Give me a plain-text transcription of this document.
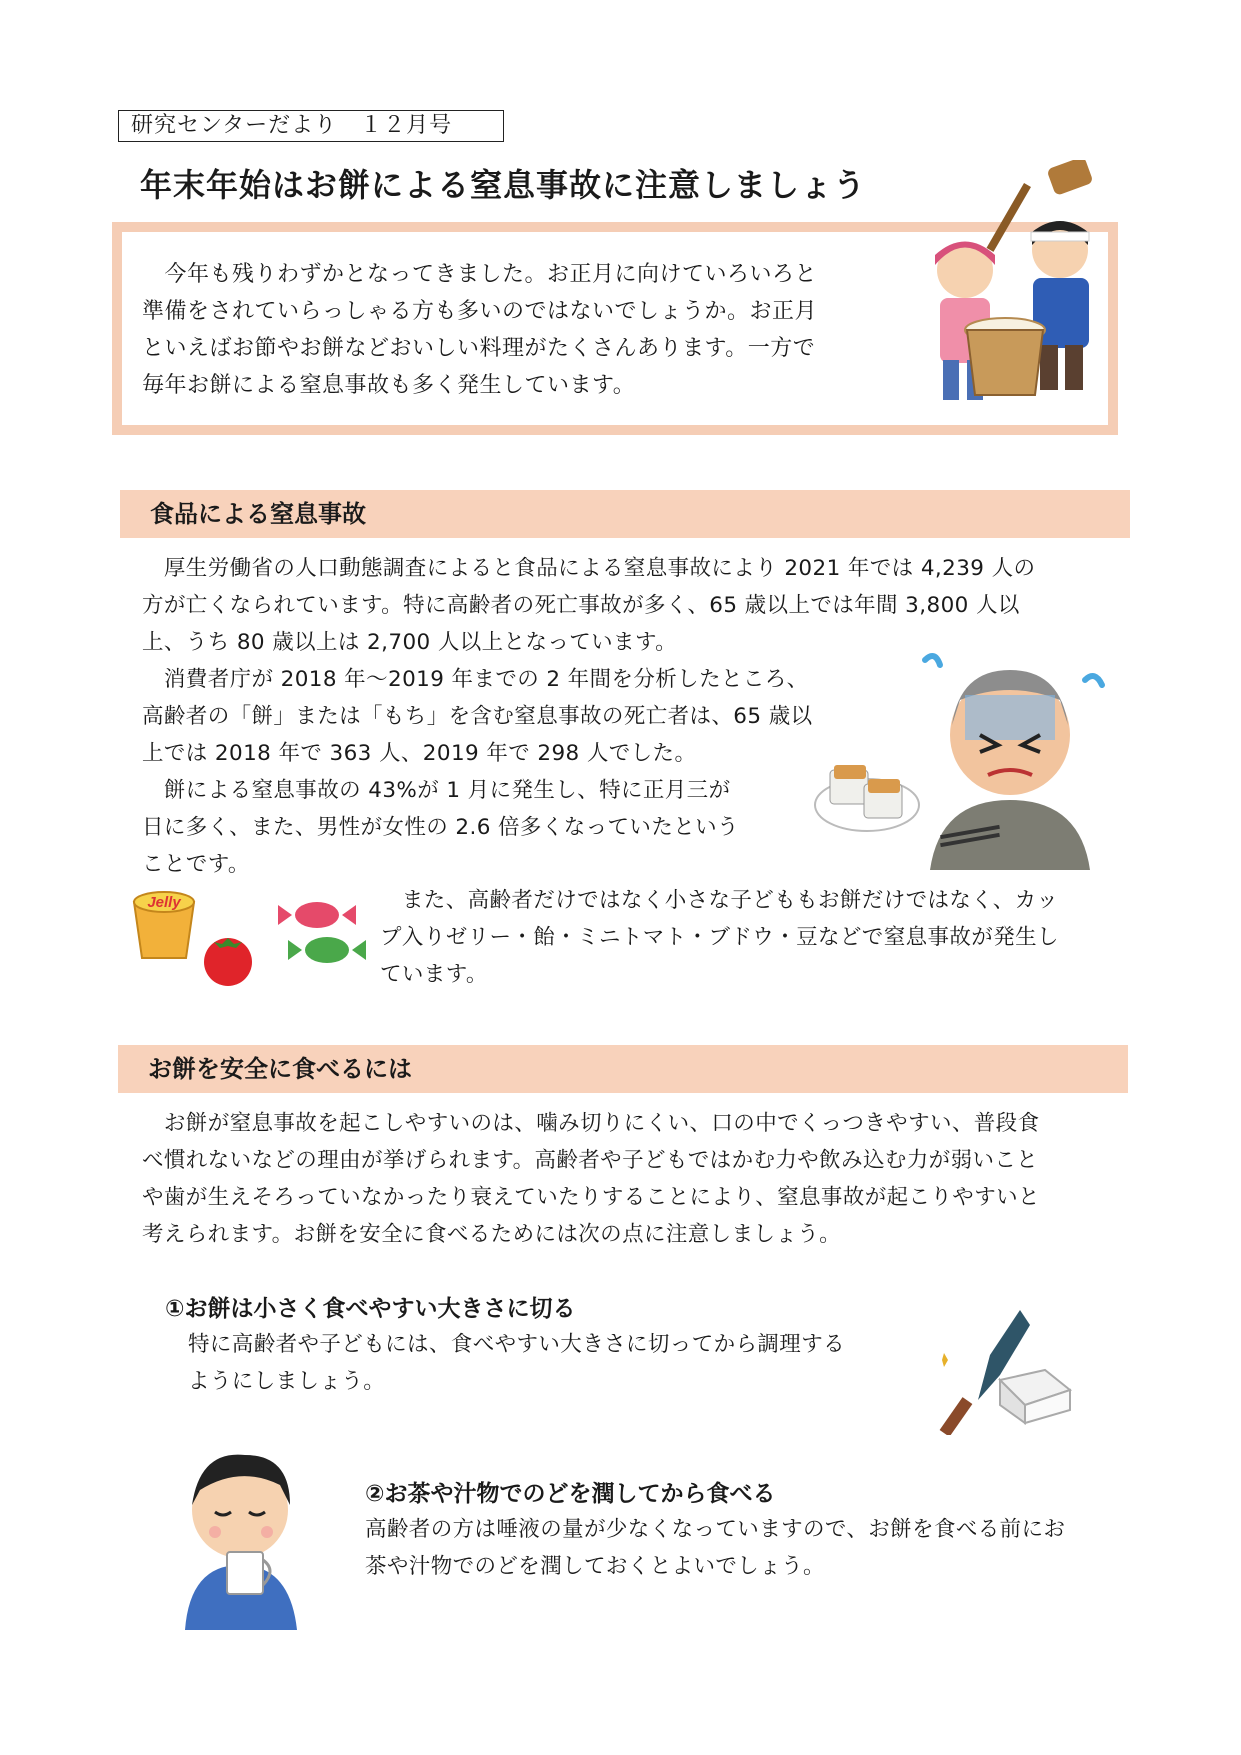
研究センターだより　１２月号
年末年始はお餅による窒息事故に注意しましょう
　今年も残りわずかとなってきました。お正月に向けていろいろと
準備をされていらっしゃる方も多いのではないでしょうか。お正月
といえばお節やお餅などおいしい料理がたくさんあります。一方で
毎年お餅による窒息事故も多く発生しています。
食品による窒息事故
　厚生労働省の人口動態調査によると食品による窒息事故により 2021 年では 4,239 人の
方が亡くなられています。特に高齢者の死亡事故が多く、65 歳以上では年間 3,800 人以
上、うち 80 歳以上は 2,700 人以上となっています。
　消費者庁が 2018 年～2019 年までの 2 年間を分析したところ、
高齢者の「餅」または「もち」を含む窒息事故の死亡者は、65 歳以
上では 2018 年で 363 人、2019 年で 298 人でした。
　餅による窒息事故の 43%が 1 月に発生し、特に正月三が
日に多く、また、男性が女性の 2.6 倍多くなっていたという
ことです。
Jelly	　また、高齢者だけではなく小さな子どももお餅だけではなく、カッ
プ入りゼリー・飴・ミニトマト・ブドウ・豆などで窒息事故が発生し
ています。
お餅を安全に食べるには
　お餅が窒息事故を起こしやすいのは、噛み切りにくい、口の中でくっつきやすい、普段食
べ慣れないなどの理由が挙げられます。高齢者や子どもではかむ力や飲み込む力が弱いこと
や歯が生えそろっていなかったり衰えていたりすることにより、窒息事故が起こりやすいと
考えられます。お餅を安全に食べるためには次の点に注意しましょう。
①お餅は小さく食べやすい大きさに切る
特に高齢者や子どもには、食べやすい大きさに切ってから調理する
ようにしましょう。
②お茶や汁物でのどを潤してから食べる
高齢者の方は唾液の量が少なくなっていますので、お餅を食べる前にお
茶や汁物でのどを潤しておくとよいでしょう。
